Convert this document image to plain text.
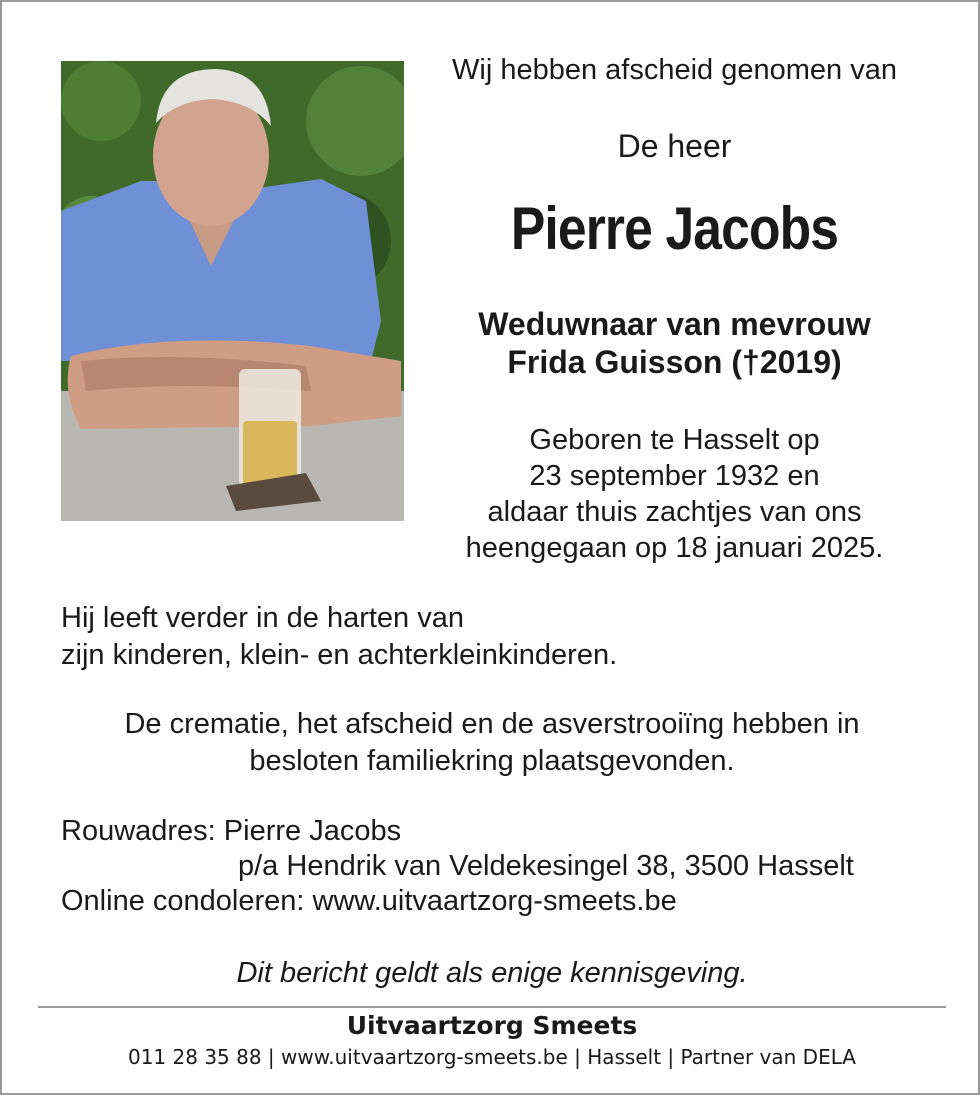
Wij hebben afscheid genomen van
De heer
Pierre Jacobs
Weduwnaar van mevrouw
Frida Guisson (†2019)
Geboren te Hasselt op
23 september 1932 en
aldaar thuis zachtjes van ons
heengegaan op 18 januari 2025.
Hij leeft verder in de harten van
zijn kinderen, klein- en achterkleinkinderen.
De crematie, het afscheid en de asverstrooiïng hebben in
besloten familiekring plaatsgevonden.
Rouwadres: Pierre Jacobs
p/a Hendrik van Veldekesingel 38, 3500 Hasselt
Online condoleren: www.uitvaartzorg-smeets.be
Dit bericht geldt als enige kennisgeving.
Uitvaartzorg Smeets
011 28 35 88 | www.uitvaartzorg-smeets.be | Hasselt | Partner van DELA
